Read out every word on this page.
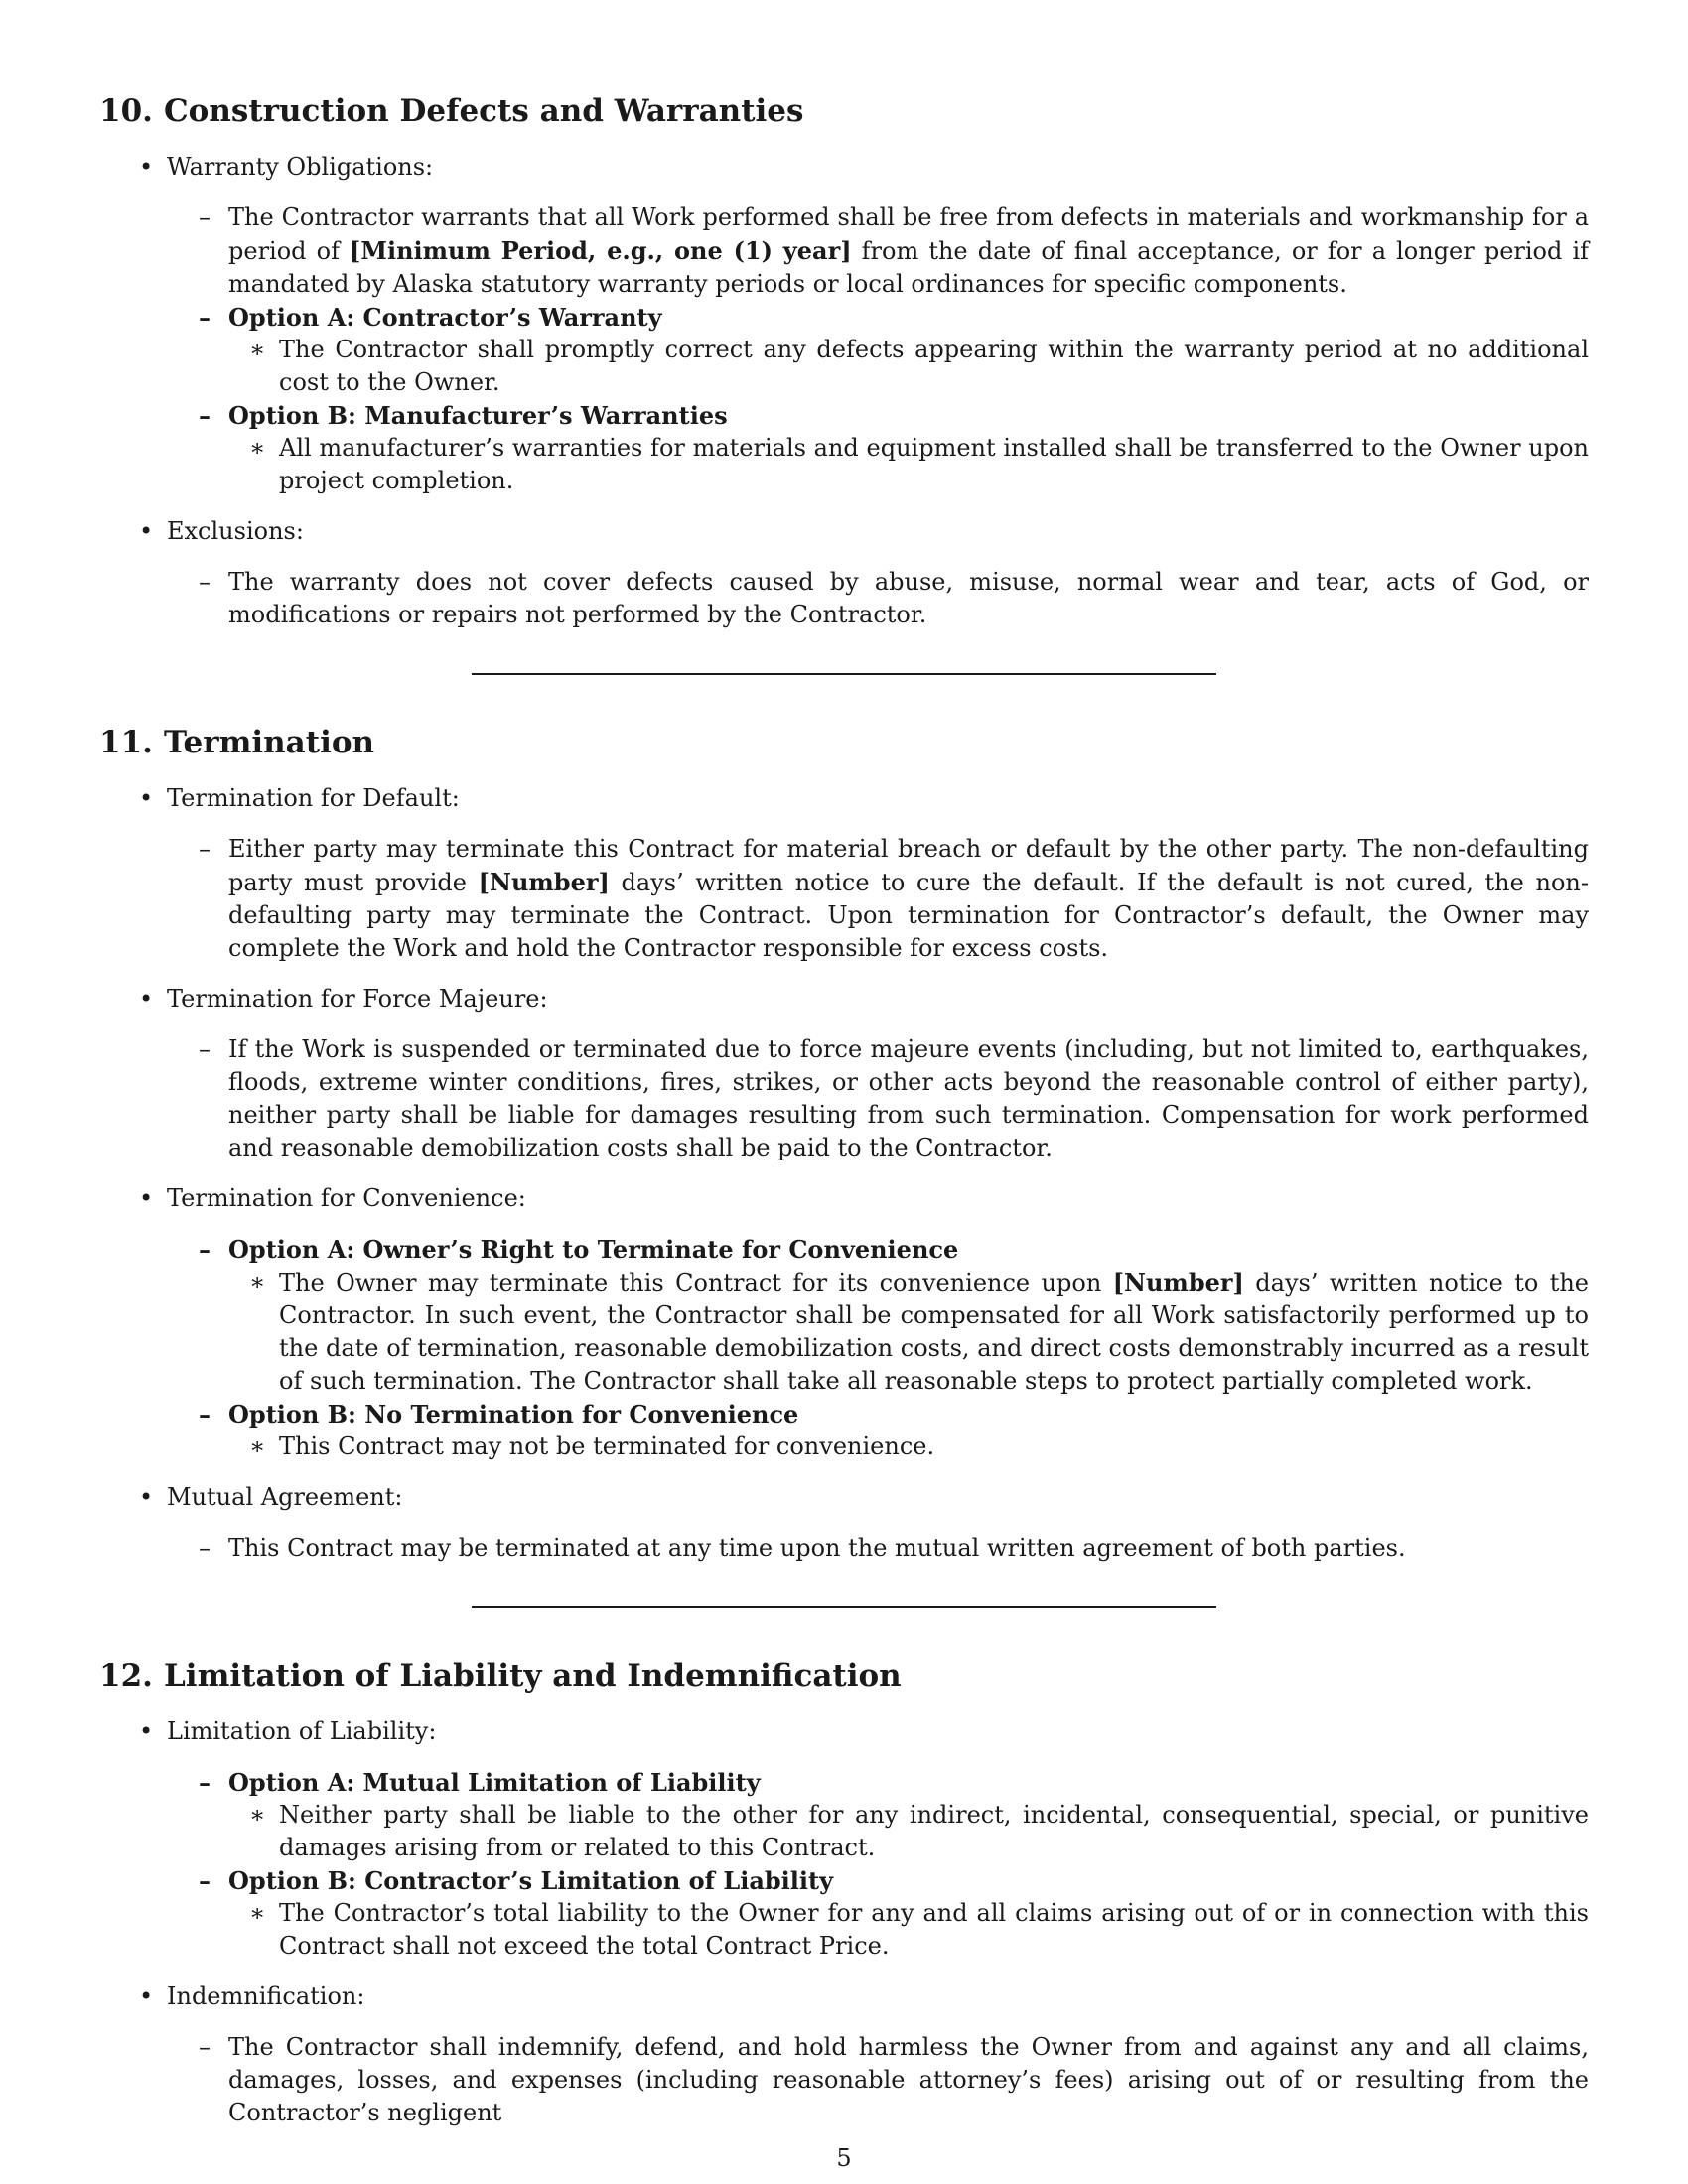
10. Construction Defects and Warranties
• Warranty Obligations:
– The Contractor warrants that all Work performed shall be free from defects in materials and workmanship for a period of [Minimum Period, e.g., one (1) year] from the date of final acceptance, or for a longer period if mandated by Alaska statutory warranty periods or local ordinances for specific components.
– Option A: Contractor’s Warranty
∗ The Contractor shall promptly correct any defects appearing within the warranty period at no additional cost to the Owner.
– Option B: Manufacturer’s Warranties
∗ All manufacturer’s warranties for materials and equipment installed shall be transferred to the Owner upon project completion.
• Exclusions:
– The warranty does not cover defects caused by abuse, misuse, normal wear and tear, acts of God, or modifications or repairs not performed by the Contractor.
11. Termination
• Termination for Default:
– Either party may terminate this Contract for material breach or default by the other party. The non-defaulting party must provide [Number] days’ written notice to cure the default. If the default is not cured, the non-defaulting party may terminate the Contract. Upon termination for Contractor’s default, the Owner may complete the Work and hold the Contractor responsible for excess costs.
• Termination for Force Majeure:
– If the Work is suspended or terminated due to force majeure events (including, but not limited to, earthquakes, floods, extreme winter conditions, fires, strikes, or other acts beyond the reasonable control of either party), neither party shall be liable for damages resulting from such termination. Compensation for work performed and reasonable demobilization costs shall be paid to the Contractor.
• Termination for Convenience:
– Option A: Owner’s Right to Terminate for Convenience
∗ The Owner may terminate this Contract for its convenience upon [Number] days’ written notice to the Contractor. In such event, the Contractor shall be compensated for all Work satisfactorily performed up to the date of termination, reasonable demobilization costs, and direct costs demonstrably incurred as a result of such termination. The Contractor shall take all reasonable steps to protect partially completed work.
– Option B: No Termination for Convenience
∗ This Contract may not be terminated for convenience.
• Mutual Agreement:
– This Contract may be terminated at any time upon the mutual written agreement of both parties.
12. Limitation of Liability and Indemnification
• Limitation of Liability:
– Option A: Mutual Limitation of Liability
∗ Neither party shall be liable to the other for any indirect, incidental, consequential, special, or punitive damages arising from or related to this Contract.
– Option B: Contractor’s Limitation of Liability
∗ The Contractor’s total liability to the Owner for any and all claims arising out of or in connection with this Contract shall not exceed the total Contract Price.
• Indemnification:
– The Contractor shall indemnify, defend, and hold harmless the Owner from and against any and all claims, damages, losses, and expenses (including reasonable attorney’s fees) arising out of or resulting from the Contractor’s negligent
5
